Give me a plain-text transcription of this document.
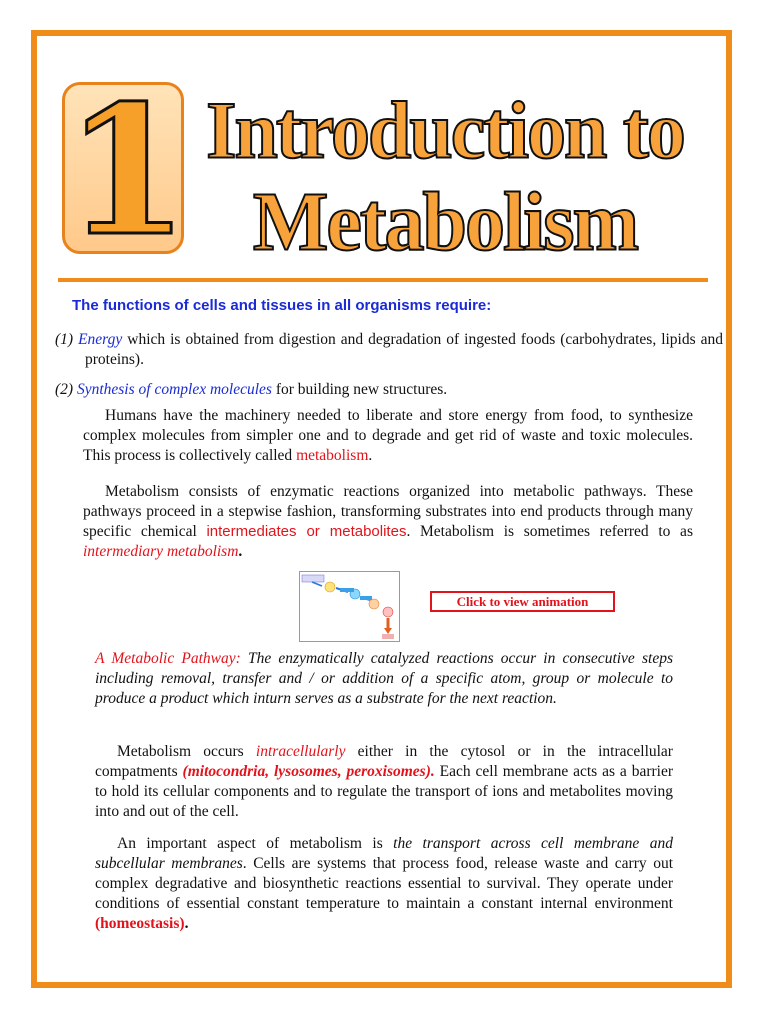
1 Introduction to
Metabolism

The functions of cells and tissues in all organisms require:

(1) Energy which is obtained from digestion and degradation of ingested foods (carbohydrates, lipids and proteins).

(2) Synthesis of complex molecules for building new structures.

Humans have the machinery needed to liberate and store energy from food, to synthesize complex molecules from simpler one and to degrade and get rid of waste and toxic molecules. This process is collectively called metabolism.

Metabolism consists of enzymatic reactions organized into metabolic pathways. These pathways proceed in a stepwise fashion, transforming substrates into end products through many specific chemical intermediates or metabolites. Metabolism is sometimes referred to as intermediary metabolism.

Click to view animation

A Metabolic Pathway: The enzymatically catalyzed reactions occur in consecutive steps including removal, transfer and / or addition of a specific atom, group or molecule to produce a product which inturn serves as a substrate for the next reaction.

Metabolism occurs intracellularly either in the cytosol or in the intracellular compatments (mitocondria, lysosomes, peroxisomes). Each cell membrane acts as a barrier to hold its cellular components and to regulate the transport of ions and metabolites moving into and out of the cell.

An important aspect of metabolism is the transport across cell membrane and subcellular membranes. Cells are systems that process food, release waste and carry out complex degradative and biosynthetic reactions essential to survival. They operate under conditions of essential constant temperature to maintain a constant internal environment (homeostasis).
